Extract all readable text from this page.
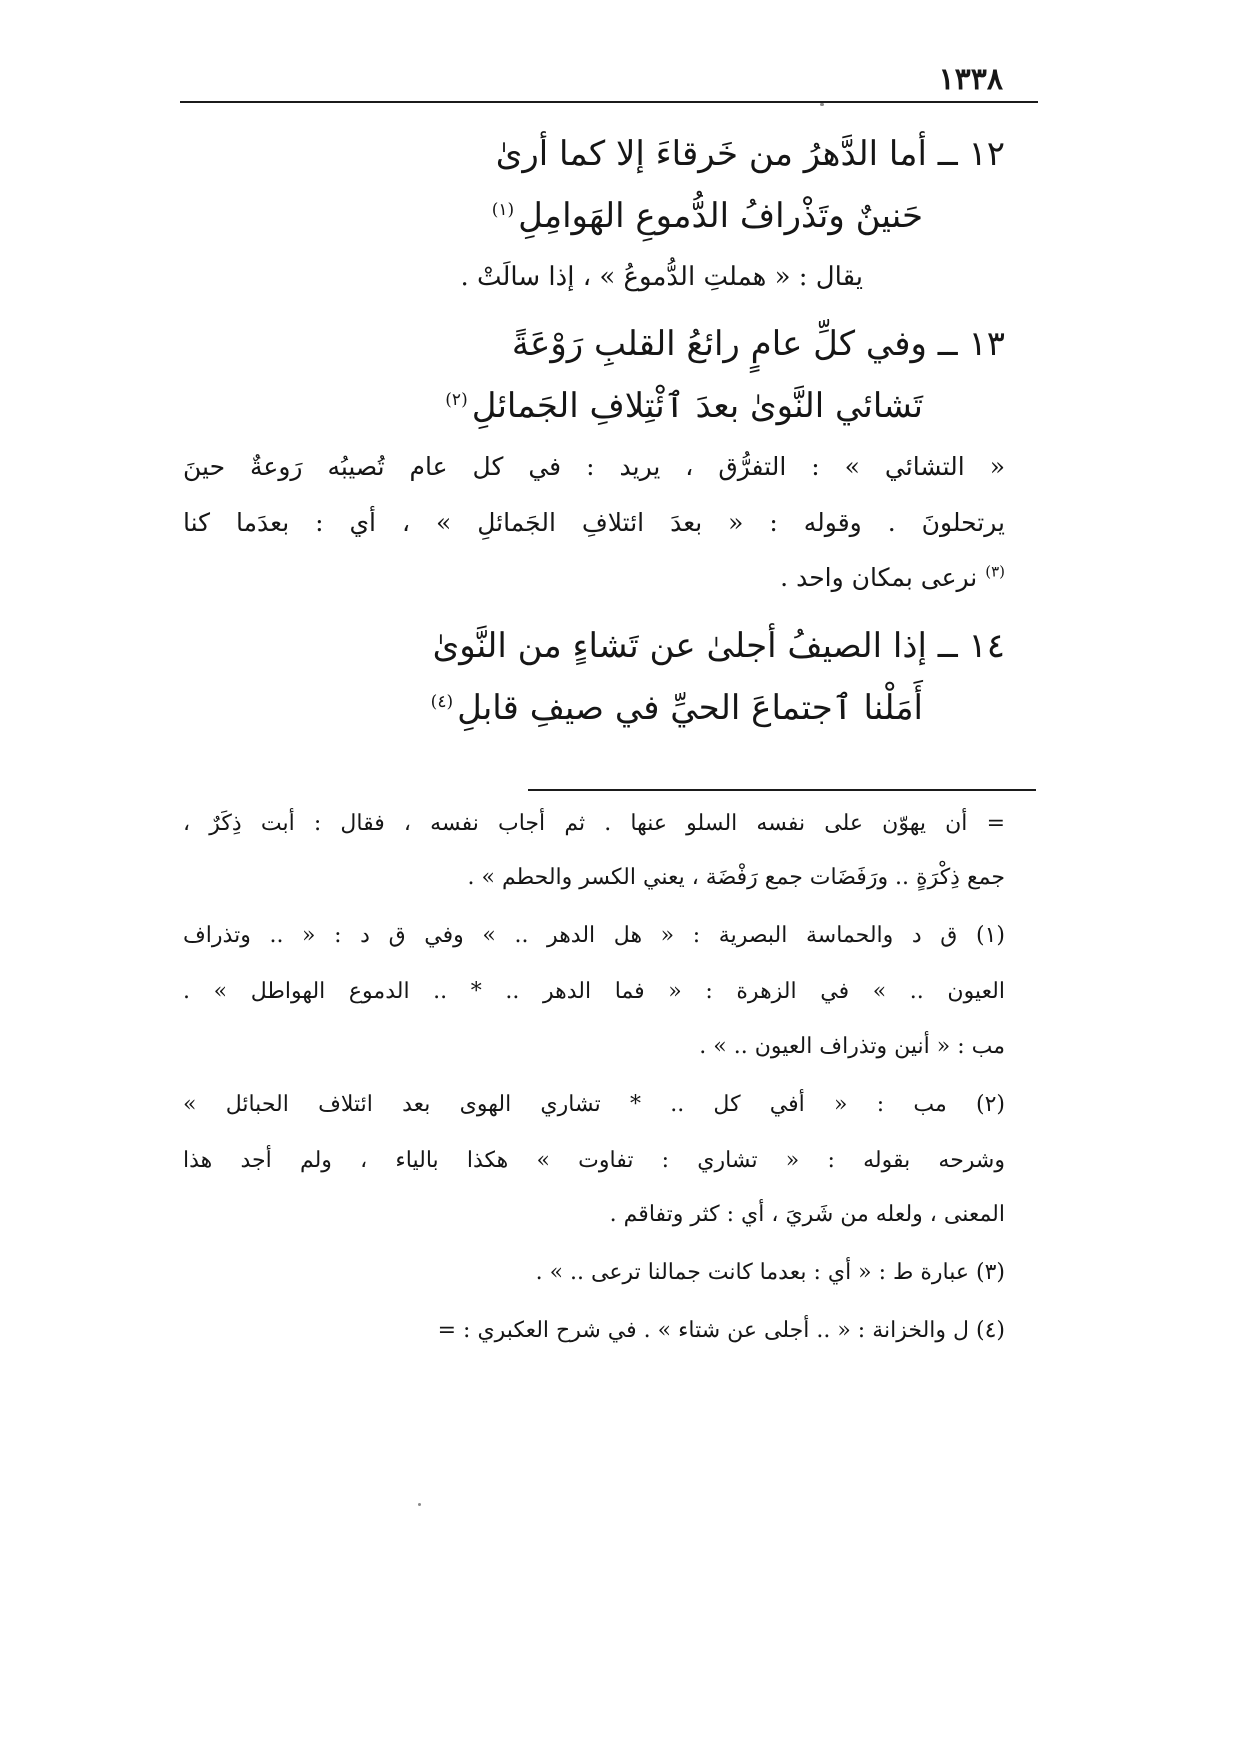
١٣٣٨
١٢ ــ أما الدَّهرُ من خَرقاءَ إلا كما أرىٰ
حَنينٌ وتَذْرافُ الدُّموعِ الهَوامِلِ$^{(١)}$
يقال : « هملتِ الدُّموعُ » ، إذا سالَتْ .
١٣ ــ وفي كلِّ عامٍ رائعُ القلبِ رَوْعَةً
تَشائي النَّوىٰ بعدَ ٱئْتِلافِ الجَمائلِ$^{(٢)}$
« التشائي » : التفرُّق ، يريد : في كل عام تُصيبُه رَوعةٌ حينَ
يرتحلونَ . وقوله : « بعدَ ائتلافِ الجَمائلِ » ، أي : بعدَما كنا
$^{(٣)}$ نرعى بمكان واحد .
١٤ ــ إذا الصيفُ أجلىٰ عن تَشاءٍ من النَّوىٰ
أَمَلْنا ٱجتماعَ الحيِّ في صيفِ قابلِ$^{(٤)}$
= أن يهوّن على نفسه السلو عنها . ثم أجاب نفسه ، فقال : أبت ذِكَرٌ ،
جمع ذِكْرَةٍ .. ورَفَضَات جمع رَفْضَة ، يعني الكسر والحطم » .
(١) ق د والحماسة البصرية : « هل الدهر .. » وفي ق د : « .. وتذراف
العيون .. » في الزهرة : « فما الدهر .. * .. الدموع الهواطل » .
مب : « أنين وتذراف العيون .. » .
(٢) مب : « أفي كل .. * تشاري الهوى بعد ائتلاف الحبائل »
وشرحه بقوله : « تشاري : تفاوت » هكذا بالياء ، ولم أجد هذا
المعنى ، ولعله من شَريَ ، أي : كثر وتفاقم .
(٣) عبارة ط : « أي : بعدما كانت جمالنا ترعى .. » .
(٤) ل والخزانة : « .. أجلى عن شتاء » . في شرح العكبري : =
